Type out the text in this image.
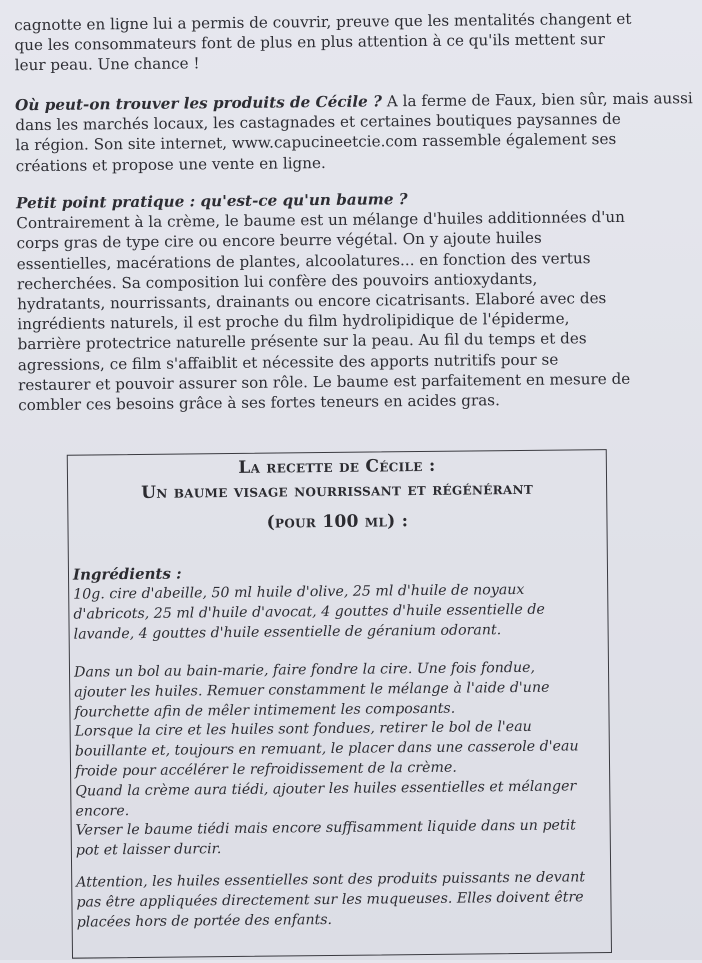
cagnotte en ligne lui a permis de couvrir, preuve que les mentalités changent et
que les consommateurs font de plus en plus attention à ce qu'ils mettent sur
leur peau. Une chance !

Où peut-on trouver les produits de Cécile ? A la ferme de Faux, bien sûr, mais aussi
dans les marchés locaux, les castagnades et certaines boutiques paysannes de
la région. Son site internet, www.capucineetcie.com rassemble également ses
créations et propose une vente en ligne.

Petit point pratique : qu'est-ce qu'un baume ?
Contrairement à la crème, le baume est un mélange d'huiles additionnées d'un
corps gras de type cire ou encore beurre végétal. On y ajoute huiles
essentielles, macérations de plantes, alcoolatures... en fonction des vertus
recherchées. Sa composition lui confère des pouvoirs antioxydants,
hydratants, nourrissants, drainants ou encore cicatrisants. Elaboré avec des
ingrédients naturels, il est proche du film hydrolipidique de l'épiderme,
barrière protectrice naturelle présente sur la peau. Au fil du temps et des
agressions, ce film s'affaiblit et nécessite des apports nutritifs pour se
restaurer et pouvoir assurer son rôle. Le baume est parfaitement en mesure de
combler ces besoins grâce à ses fortes teneurs en acides gras.

La recette de Cécile :
Un baume visage nourrissant et régénérant
(pour 100 ml) :
Ingrédients :

10g. cire d'abeille, 50 ml huile d'olive, 25 ml d'huile de noyaux
d'abricots, 25 ml d'huile d'avocat, 4 gouttes d'huile essentielle de
lavande, 4 gouttes d'huile essentielle de géranium odorant.

Dans un bol au bain-marie, faire fondre la cire. Une fois fondue,
ajouter les huiles. Remuer constamment le mélange à l'aide d'une
fourchette afin de mêler intimement les composants.
Lorsque la cire et les huiles sont fondues, retirer le bol de l'eau
bouillante et, toujours en remuant, le placer dans une casserole d'eau
froide pour accélérer le refroidissement de la crème.
Quand la crème aura tiédi, ajouter les huiles essentielles et mélanger
encore.
Verser le baume tiédi mais encore suffisamment liquide dans un petit
pot et laisser durcir.

Attention, les huiles essentielles sont des produits puissants ne devant
pas être appliquées directement sur les muqueuses. Elles doivent être
placées hors de portée des enfants.
